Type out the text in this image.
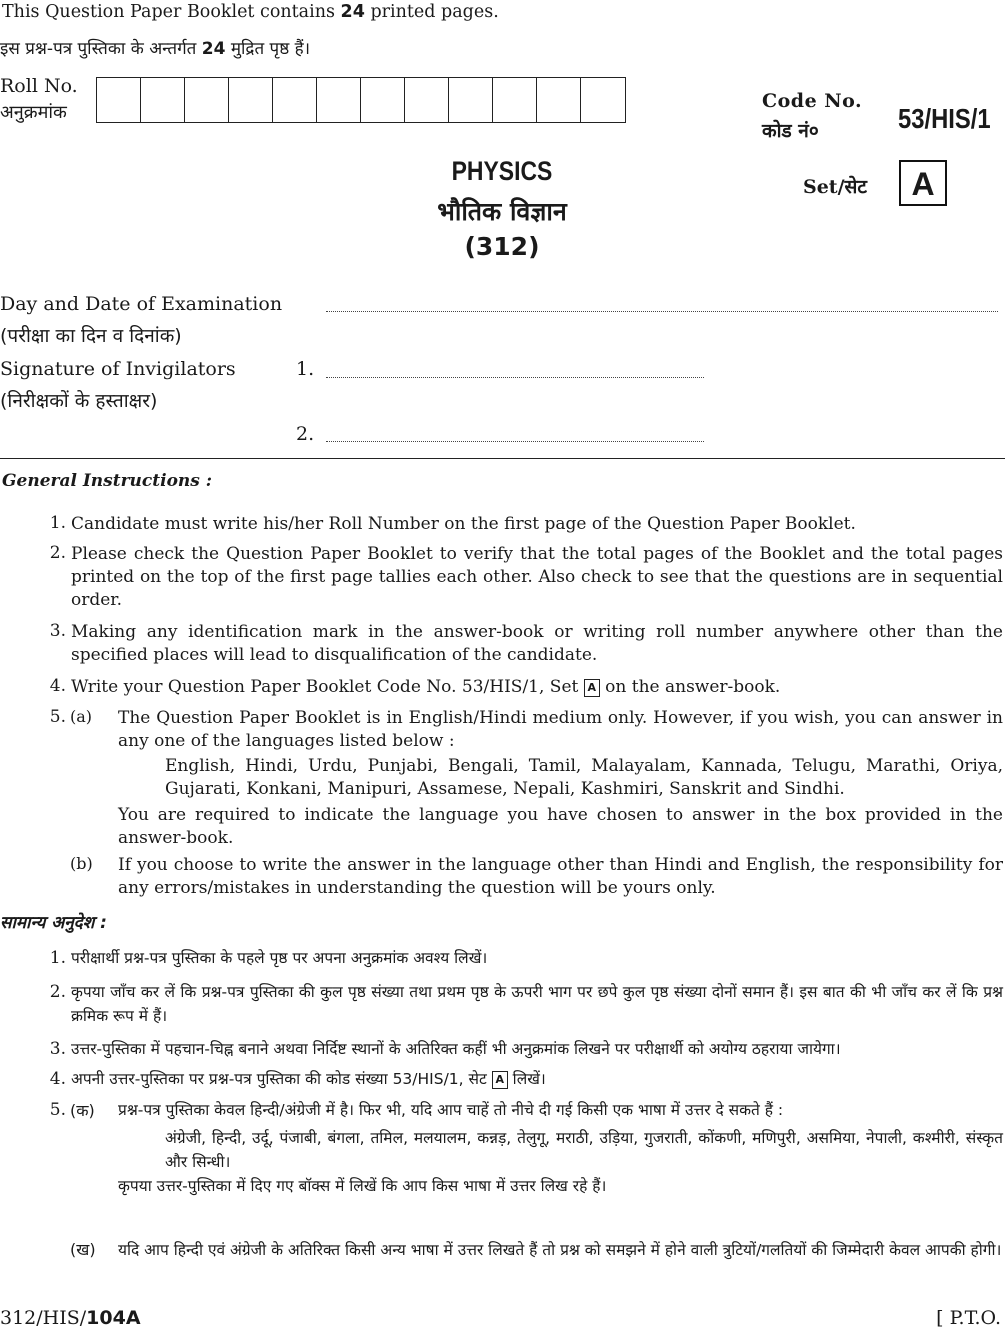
This Question Paper Booklet contains 24 printed pages.
इस प्रश्न-पत्र पुस्तिका के अन्तर्गत 24 मुद्रित पृष्ठ हैं।
Roll No.
अनुक्रमांक
Code No.
कोड नं०	53/HIS/1
Set/सेट	A
PHYSICS
भौतिक विज्ञान
(312)
Day and Date of Examination
(परीक्षा का दिन व दिनांक)
Signature of Invigilators	1.
(निरीक्षकों के हस्ताक्षर)
2.
General Instructions :
1. Candidate must write his/her Roll Number on the first page of the Question Paper Booklet.
2. Please check the Question Paper Booklet to verify that the total pages of the Booklet and the total pages printed on the top of the first page tallies each other. Also check to see that the questions are in sequential order.
3. Making any identification mark in the answer-book or writing roll number anywhere other than the specified places will lead to disqualification of the candidate.
4. Write your Question Paper Booklet Code No. 53/HIS/1, Set A on the answer-book.
5. (a) The Question Paper Booklet is in English/Hindi medium only. However, if you wish, you can answer in any one of the languages listed below :
English, Hindi, Urdu, Punjabi, Bengali, Tamil, Malayalam, Kannada, Telugu, Marathi, Oriya, Gujarati, Konkani, Manipuri, Assamese, Nepali, Kashmiri, Sanskrit and Sindhi.
You are required to indicate the language you have chosen to answer in the box provided in the answer-book.
(b) If you choose to write the answer in the language other than Hindi and English, the responsibility for any errors/mistakes in understanding the question will be yours only.
सामान्य अनुदेश :
1. परीक्षार्थी प्रश्न-पत्र पुस्तिका के पहले पृष्ठ पर अपना अनुक्रमांक अवश्य लिखें।
2. कृपया जाँच कर लें कि प्रश्न-पत्र पुस्तिका की कुल पृष्ठ संख्या तथा प्रथम पृष्ठ के ऊपरी भाग पर छपे कुल पृष्ठ संख्या दोनों समान हैं। इस बात की भी जाँच कर लें कि प्रश्न क्रमिक रूप में हैं।
3. उत्तर-पुस्तिका में पहचान-चिह्न बनाने अथवा निर्दिष्ट स्थानों के अतिरिक्त कहीं भी अनुक्रमांक लिखने पर परीक्षार्थी को अयोग्य ठहराया जायेगा।
4. अपनी उत्तर-पुस्तिका पर प्रश्न-पत्र पुस्तिका की कोड संख्या 53/HIS/1, सेट A लिखें।
5. (क) प्रश्न-पत्र पुस्तिका केवल हिन्दी/अंग्रेजी में है। फिर भी, यदि आप चाहें तो नीचे दी गई किसी एक भाषा में उत्तर दे सकते हैं :
अंग्रेजी, हिन्दी, उर्दू, पंजाबी, बंगला, तमिल, मलयालम, कन्नड़, तेलुगू, मराठी, उड़िया, गुजराती, कोंकणी, मणिपुरी, असमिया, नेपाली, कश्मीरी, संस्कृत और सिन्धी।
कृपया उत्तर-पुस्तिका में दिए गए बॉक्स में लिखें कि आप किस भाषा में उत्तर लिख रहे हैं।
(ख) यदि आप हिन्दी एवं अंग्रेजी के अतिरिक्त किसी अन्य भाषा में उत्तर लिखते हैं तो प्रश्न को समझने में होने वाली त्रुटियों/गलतियों की जिम्मेदारी केवल आपकी होगी।
312/HIS/104A	[ P.T.O.
